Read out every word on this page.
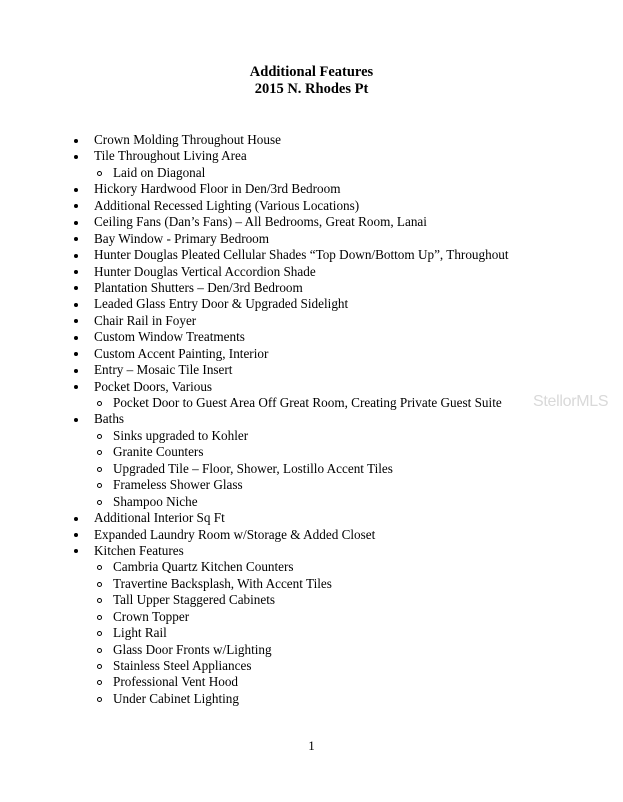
Additional Features
2015 N. Rhodes Pt
Crown Molding Throughout House
Tile Throughout Living Area
Laid on Diagonal
Hickory Hardwood Floor in Den/3rd Bedroom
Additional Recessed Lighting (Various Locations)
Ceiling Fans (Dan’s Fans) – All Bedrooms, Great Room, Lanai
Bay Window - Primary Bedroom
Hunter Douglas Pleated Cellular Shades “Top Down/Bottom Up”, Throughout
Hunter Douglas Vertical Accordion Shade
Plantation Shutters – Den/3rd Bedroom
Leaded Glass Entry Door & Upgraded Sidelight
Chair Rail in Foyer
Custom Window Treatments
Custom Accent Painting, Interior
Entry – Mosaic Tile Insert
Pocket Doors, Various
Pocket Door to Guest Area Off Great Room, Creating Private Guest Suite
Baths
Sinks upgraded to Kohler
Granite Counters
Upgraded Tile – Floor, Shower, Lostillo Accent Tiles
Frameless Shower Glass
Shampoo Niche
Additional Interior Sq Ft
Expanded Laundry Room w/Storage & Added Closet
Kitchen Features
Cambria Quartz Kitchen Counters
Travertine Backsplash, With Accent Tiles
Tall Upper Staggered Cabinets
Crown Topper
Light Rail
Glass Door Fronts w/Lighting
Stainless Steel Appliances
Professional Vent Hood
Under Cabinet Lighting
StellorMLS
1
